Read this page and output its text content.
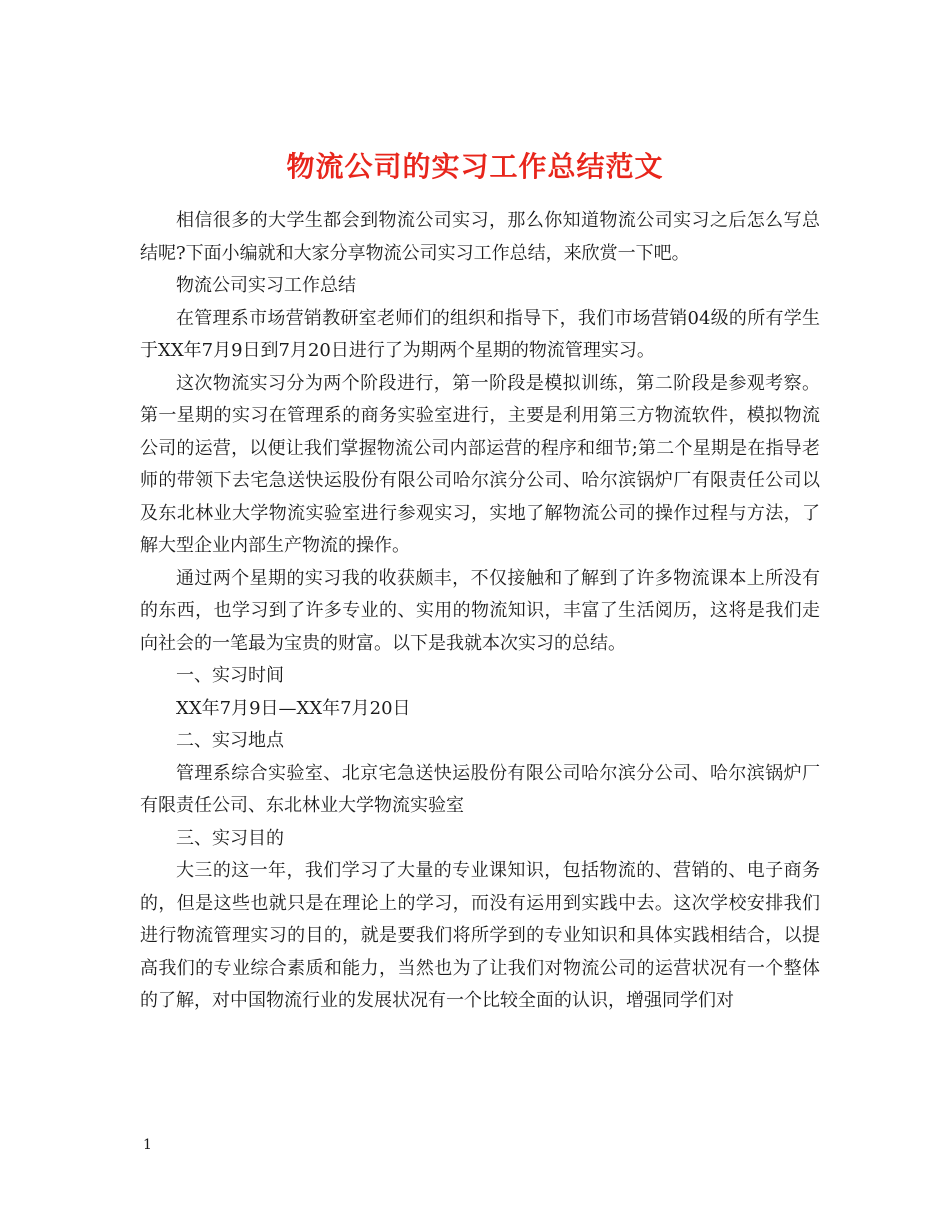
物流公司的实习工作总结范文

相信很多的大学生都会到物流公司实习，那么你知道物流公司实习之后怎么写总结呢?下面小编就和大家分享物流公司实习工作总结，来欣赏一下吧。

物流公司实习工作总结

在管理系市场营销教研室老师们的组织和指导下，我们市场营销04级的所有学生于XX年7月9日到7月20日进行了为期两个星期的物流管理实习。

这次物流实习分为两个阶段进行，第一阶段是模拟训练，第二阶段是参观考察。第一星期的实习在管理系的商务实验室进行，主要是利用第三方物流软件，模拟物流公司的运营，以便让我们掌握物流公司内部运营的程序和细节;第二个星期是在指导老师的带领下去宅急送快运股份有限公司哈尔滨分公司、哈尔滨锅炉厂有限责任公司以及东北林业大学物流实验室进行参观实习，实地了解物流公司的操作过程与方法，了解大型企业内部生产物流的操作。

通过两个星期的实习我的收获颇丰，不仅接触和了解到了许多物流课本上所没有的东西，也学习到了许多专业的、实用的物流知识，丰富了生活阅历，这将是我们走向社会的一笔最为宝贵的财富。以下是我就本次实习的总结。

一、实习时间

XX年7月9日—XX年7月20日

二、实习地点

管理系综合实验室、北京宅急送快运股份有限公司哈尔滨分公司、哈尔滨锅炉厂有限责任公司、东北林业大学物流实验室

三、实习目的

大三的这一年，我们学习了大量的专业课知识，包括物流的、营销的、电子商务的，但是这些也就只是在理论上的学习，而没有运用到实践中去。这次学校安排我们进行物流管理实习的目的，就是要我们将所学到的专业知识和具体实践相结合，以提高我们的专业综合素质和能力，当然也为了让我们对物流公司的运营状况有一个整体的了解，对中国物流行业的发展状况有一个比较全面的认识，增强同学们对

1
